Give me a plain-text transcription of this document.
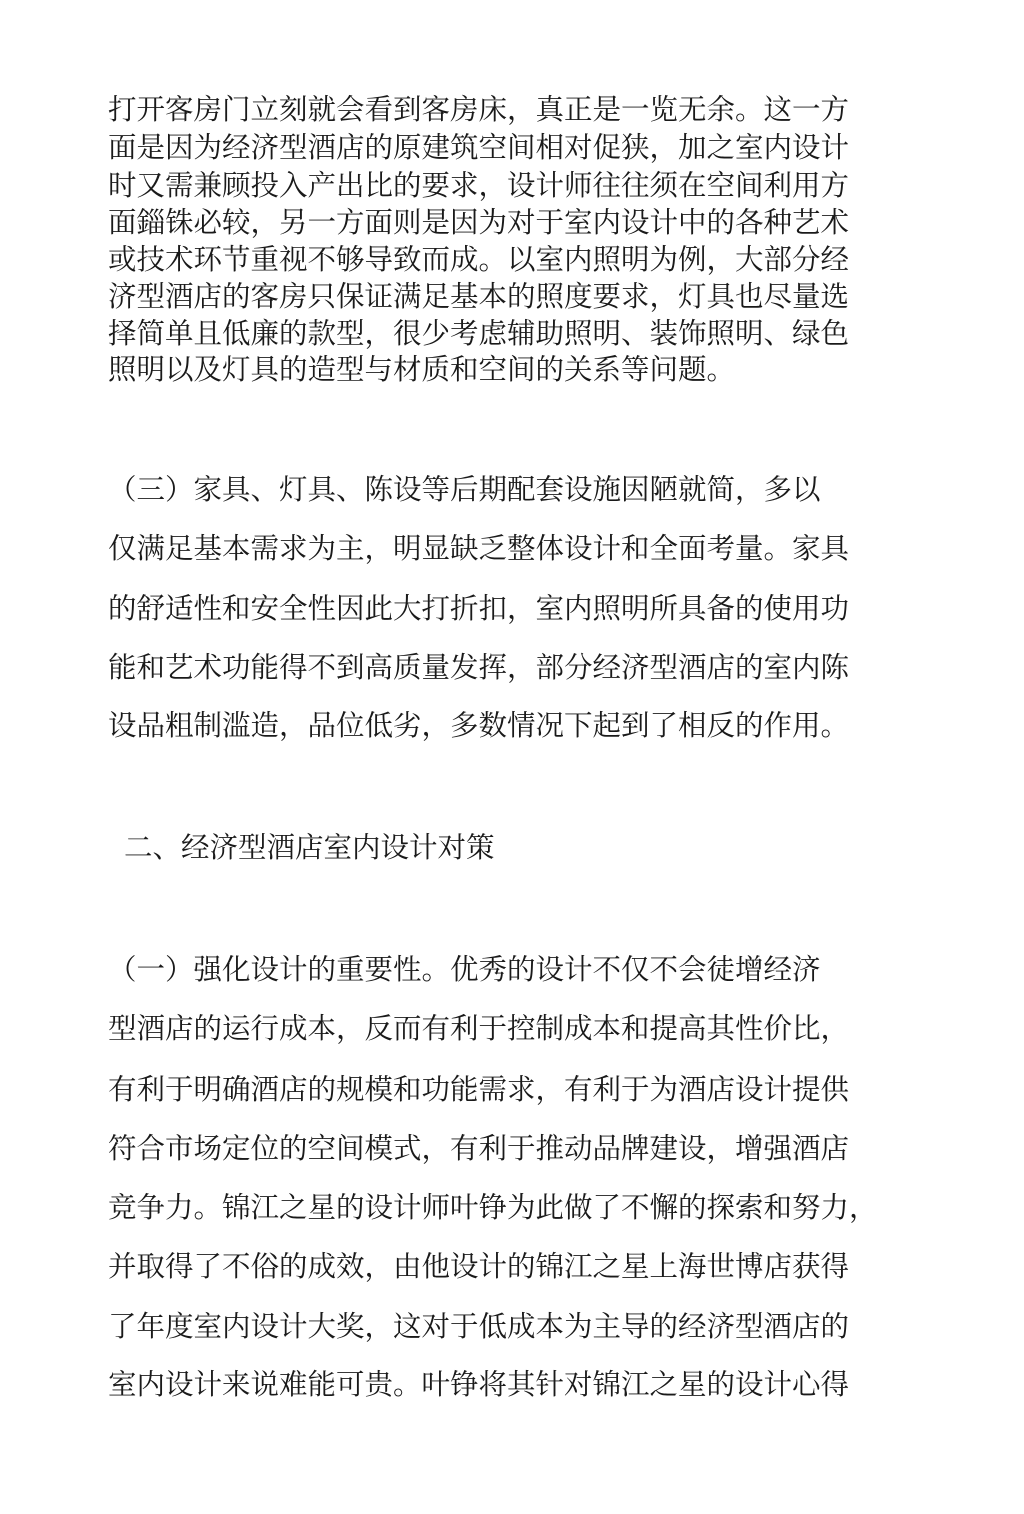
打开客房门立刻就会看到客房床，真正是一览无余。这一方
面是因为经济型酒店的原建筑空间相对促狭，加之室内设计
时又需兼顾投入产出比的要求，设计师往往须在空间利用方
面錙铢必较，另一方面则是因为对于室内设计中的各种艺术
或技术环节重视不够导致而成。以室内照明为例，大部分经
济型酒店的客房只保证满足基本的照度要求，灯具也尽量选
择简单且低廉的款型，很少考虑辅助照明、装饰照明、绿色
照明以及灯具的造型与材质和空间的关系等问题。
（三）家具、灯具、陈设等后期配套设施因陋就简，多以
仅满足基本需求为主，明显缺乏整体设计和全面考量。家具
的舒适性和安全性因此大打折扣，室内照明所具备的使用功
能和艺术功能得不到高质量发挥，部分经济型酒店的室内陈
设品粗制滥造，品位低劣，多数情况下起到了相反的作用。
二、经济型酒店室内设计对策
（一）强化设计的重要性。优秀的设计不仅不会徒增经济
型酒店的运行成本，反而有利于控制成本和提高其性价比，
有利于明确酒店的规模和功能需求，有利于为酒店设计提供
符合市场定位的空间模式，有利于推动品牌建设，增强酒店
竞争力。锦江之星的设计师叶铮为此做了不懈的探索和努力，
并取得了不俗的成效，由他设计的锦江之星上海世博店获得
了年度室内设计大奖，这对于低成本为主导的经济型酒店的
室内设计来说难能可贵。叶铮将其针对锦江之星的设计心得
